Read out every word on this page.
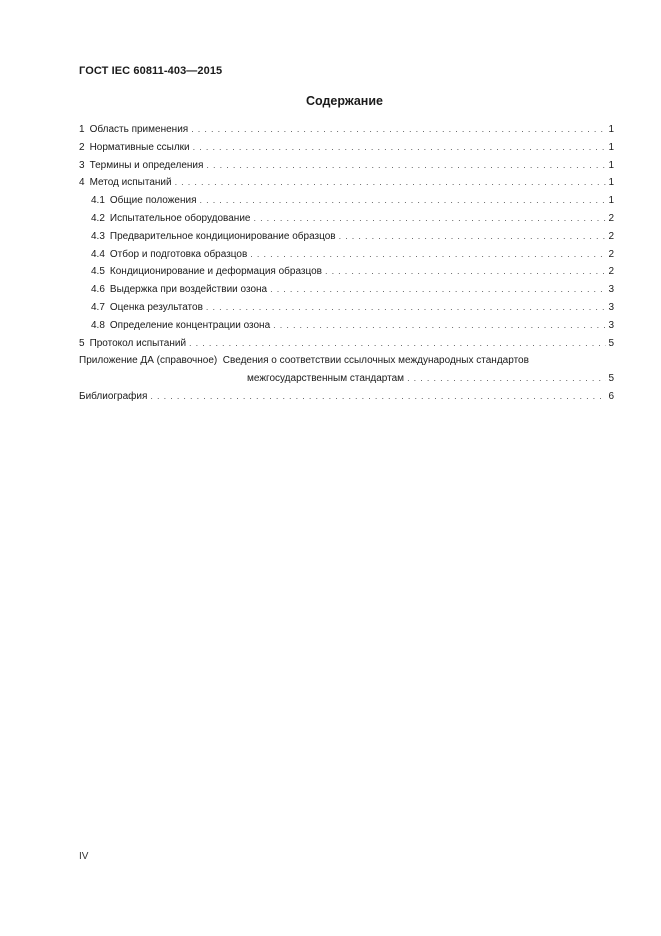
ГОСТ IEC 60811-403—2015
Содержание
1 Область применения . . .	1
2 Нормативные ссылки . . .	1
3 Термины и определения . . .	1
4 Метод испытаний . . .	1
4.1 Общие положения . . .	1
4.2 Испытательное оборудование . . .	2
4.3 Предварительное кондиционирование образцов . . .	2
4.4 Отбор и подготовка образцов . . .	2
4.5 Кондиционирование и деформация образцов . . .	2
4.6 Выдержка при воздействии озона . . .	3
4.7 Оценка результатов . . .	3
4.8 Определение концентрации озона . . .	3
5 Протокол испытаний . . .	5
Приложение ДА (справочное)  Сведения о соответствии ссылочных международных стандартов
межгосударственным стандартам . . .	5
Библиография . . .	6
IV
